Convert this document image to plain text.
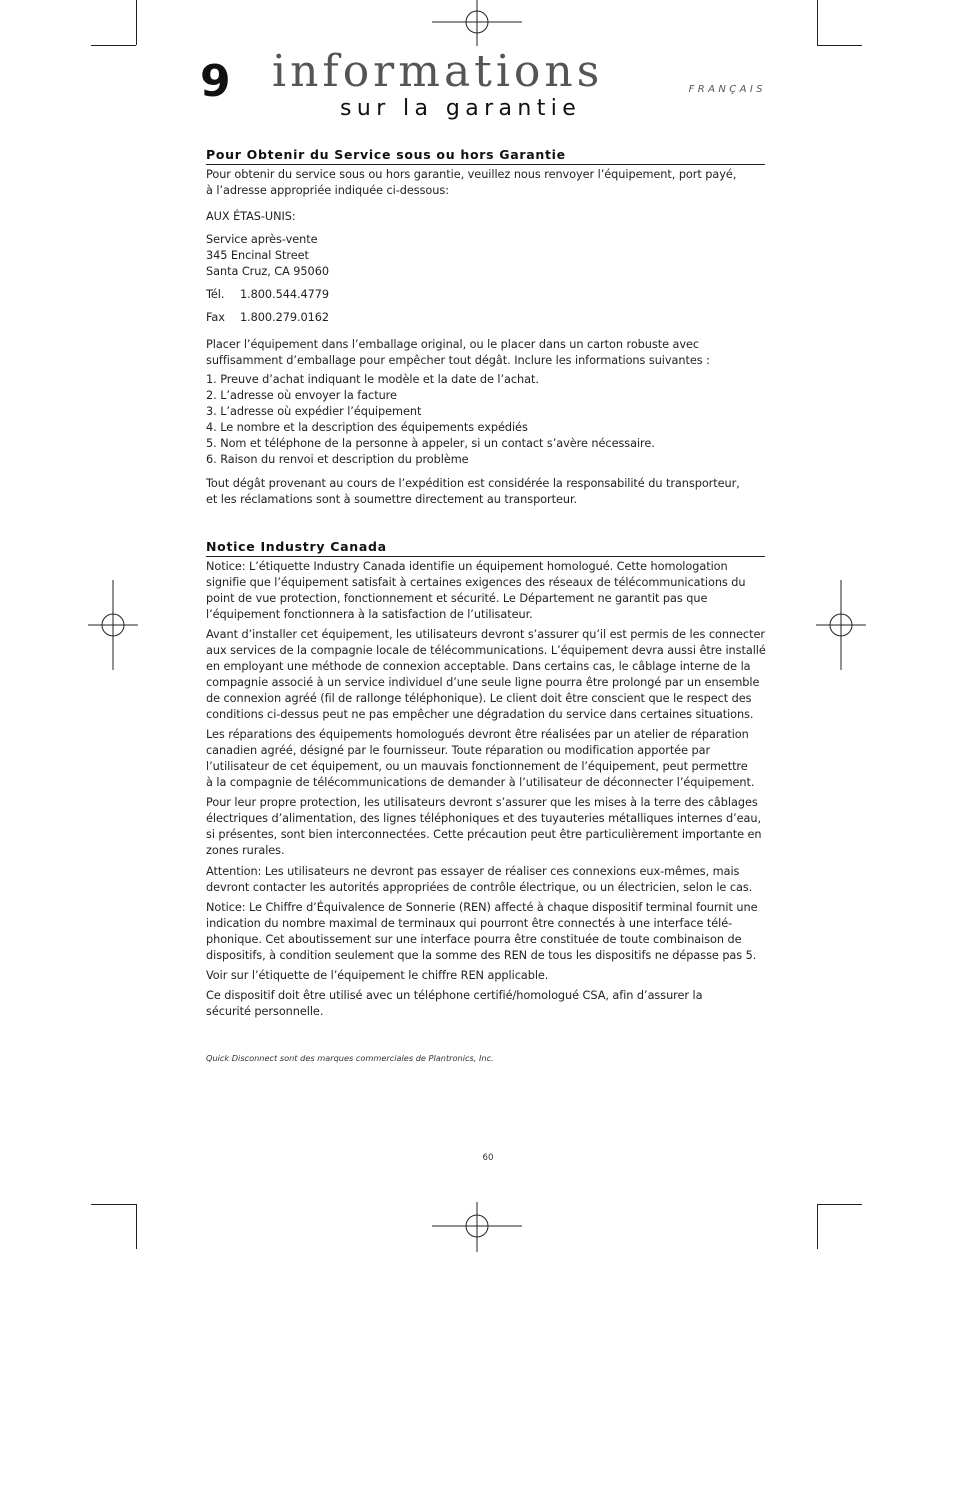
9 informations
sur la garantie
FRANÇAIS
Pour Obtenir du Service sous ou hors Garantie
Pour obtenir du service sous ou hors garantie, veuillez nous renvoyer l’équipement, port payé,
à l’adresse appropriée indiquée ci-dessous:
AUX ÉTAS-UNIS:
Service après-vente
345 Encinal Street
Santa Cruz, CA 95060
Tél. 1.800.544.4779
Fax 1.800.279.0162
Placer l’équipement dans l’emballage original, ou le placer dans un carton robuste avec
suffisamment d’emballage pour empêcher tout dégât. Inclure les informations suivantes :
1. Preuve d’achat indiquant le modèle et la date de l’achat.
2. L’adresse où envoyer la facture
3. L’adresse où expédier l’équipement
4. Le nombre et la description des équipements expédiés
5. Nom et téléphone de la personne à appeler, si un contact s’avère nécessaire.
6. Raison du renvoi et description du problème
Tout dégât provenant au cours de l’expédition est considérée la responsabilité du transporteur,
et les réclamations sont à soumettre directement au transporteur.
Notice Industry Canada
Notice: L’étiquette Industry Canada identifie un équipement homologué. Cette homologation
signifie que l’équipement satisfait à certaines exigences des réseaux de télécommunications du
point de vue protection, fonctionnement et sécurité. Le Département ne garantit pas que
l’équipement fonctionnera à la satisfaction de l’utilisateur.
Avant d’installer cet équipement, les utilisateurs devront s’assurer qu’il est permis de les connecter
aux services de la compagnie locale de télécommunications. L’équipement devra aussi être installé
en employant une méthode de connexion acceptable. Dans certains cas, le câblage interne de la
compagnie associé à un service individuel d’une seule ligne pourra être prolongé par un ensemble
de connexion agréé (fil de rallonge téléphonique). Le client doit être conscient que le respect des
conditions ci-dessus peut ne pas empêcher une dégradation du service dans certaines situations.
Les réparations des équipements homologués devront être réalisées par un atelier de réparation
canadien agréé, désigné par le fournisseur. Toute réparation ou modification apportée par
l’utilisateur de cet équipement, ou un mauvais fonctionnement de l’équipement, peut permettre
à la compagnie de télécommunications de demander à l’utilisateur de déconnecter l’équipement.
Pour leur propre protection, les utilisateurs devront s’assurer que les mises à la terre des câblages
électriques d’alimentation, des lignes téléphoniques et des tuyauteries métalliques internes d’eau,
si présentes, sont bien interconnectées. Cette précaution peut être particulièrement importante en
zones rurales.
Attention: Les utilisateurs ne devront pas essayer de réaliser ces connexions eux-mêmes, mais
devront contacter les autorités appropriées de contrôle électrique, ou un électricien, selon le cas.
Notice: Le Chiffre d’Équivalence de Sonnerie (REN) affecté à chaque dispositif terminal fournit une
indication du nombre maximal de terminaux qui pourront être connectés à une interface télé-
phonique. Cet aboutissement sur une interface pourra être constituée de toute combinaison de
dispositifs, à condition seulement que la somme des REN de tous les dispositifs ne dépasse pas 5.
Voir sur l’étiquette de l’équipement le chiffre REN applicable.
Ce dispositif doit être utilisé avec un téléphone certifié/homologué CSA, afin d’assurer la
sécurité personnelle.
Quick Disconnect sont des marques commerciales de Plantronics, Inc.
60
